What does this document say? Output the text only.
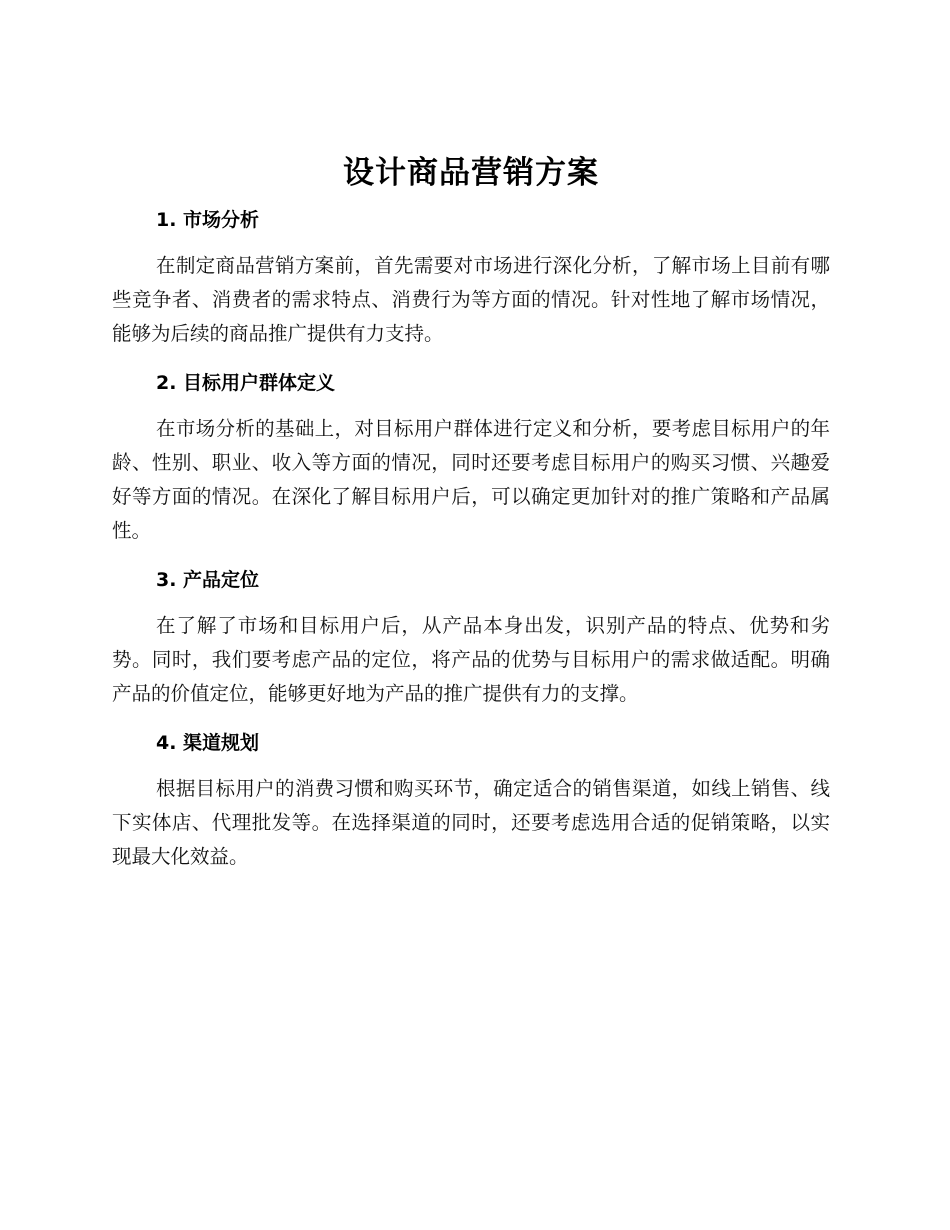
设计商品营销方案
1. 市场分析

在制定商品营销方案前，首先需要对市场进行深化分析，了解市场上目前有哪些竞争者、消费者的需求特点、消费行为等方面的情况。针对性地了解市场情况，能够为后续的商品推广提供有力支持。

2. 目标用户群体定义

在市场分析的基础上，对目标用户群体进行定义和分析，要考虑目标用户的年龄、性别、职业、收入等方面的情况，同时还要考虑目标用户的购买习惯、兴趣爱好等方面的情况。在深化了解目标用户后，可以确定更加针对的推广策略和产品属性。

3. 产品定位

在了解了市场和目标用户后，从产品本身出发，识别产品的特点、优势和劣势。同时，我们要考虑产品的定位，将产品的优势与目标用户的需求做适配。明确产品的价值定位，能够更好地为产品的推广提供有力的支撑。

4. 渠道规划

根据目标用户的消费习惯和购买环节，确定适合的销售渠道，如线上销售、线下实体店、代理批发等。在选择渠道的同时，还要考虑选用合适的促销策略，以实现最大化效益。
